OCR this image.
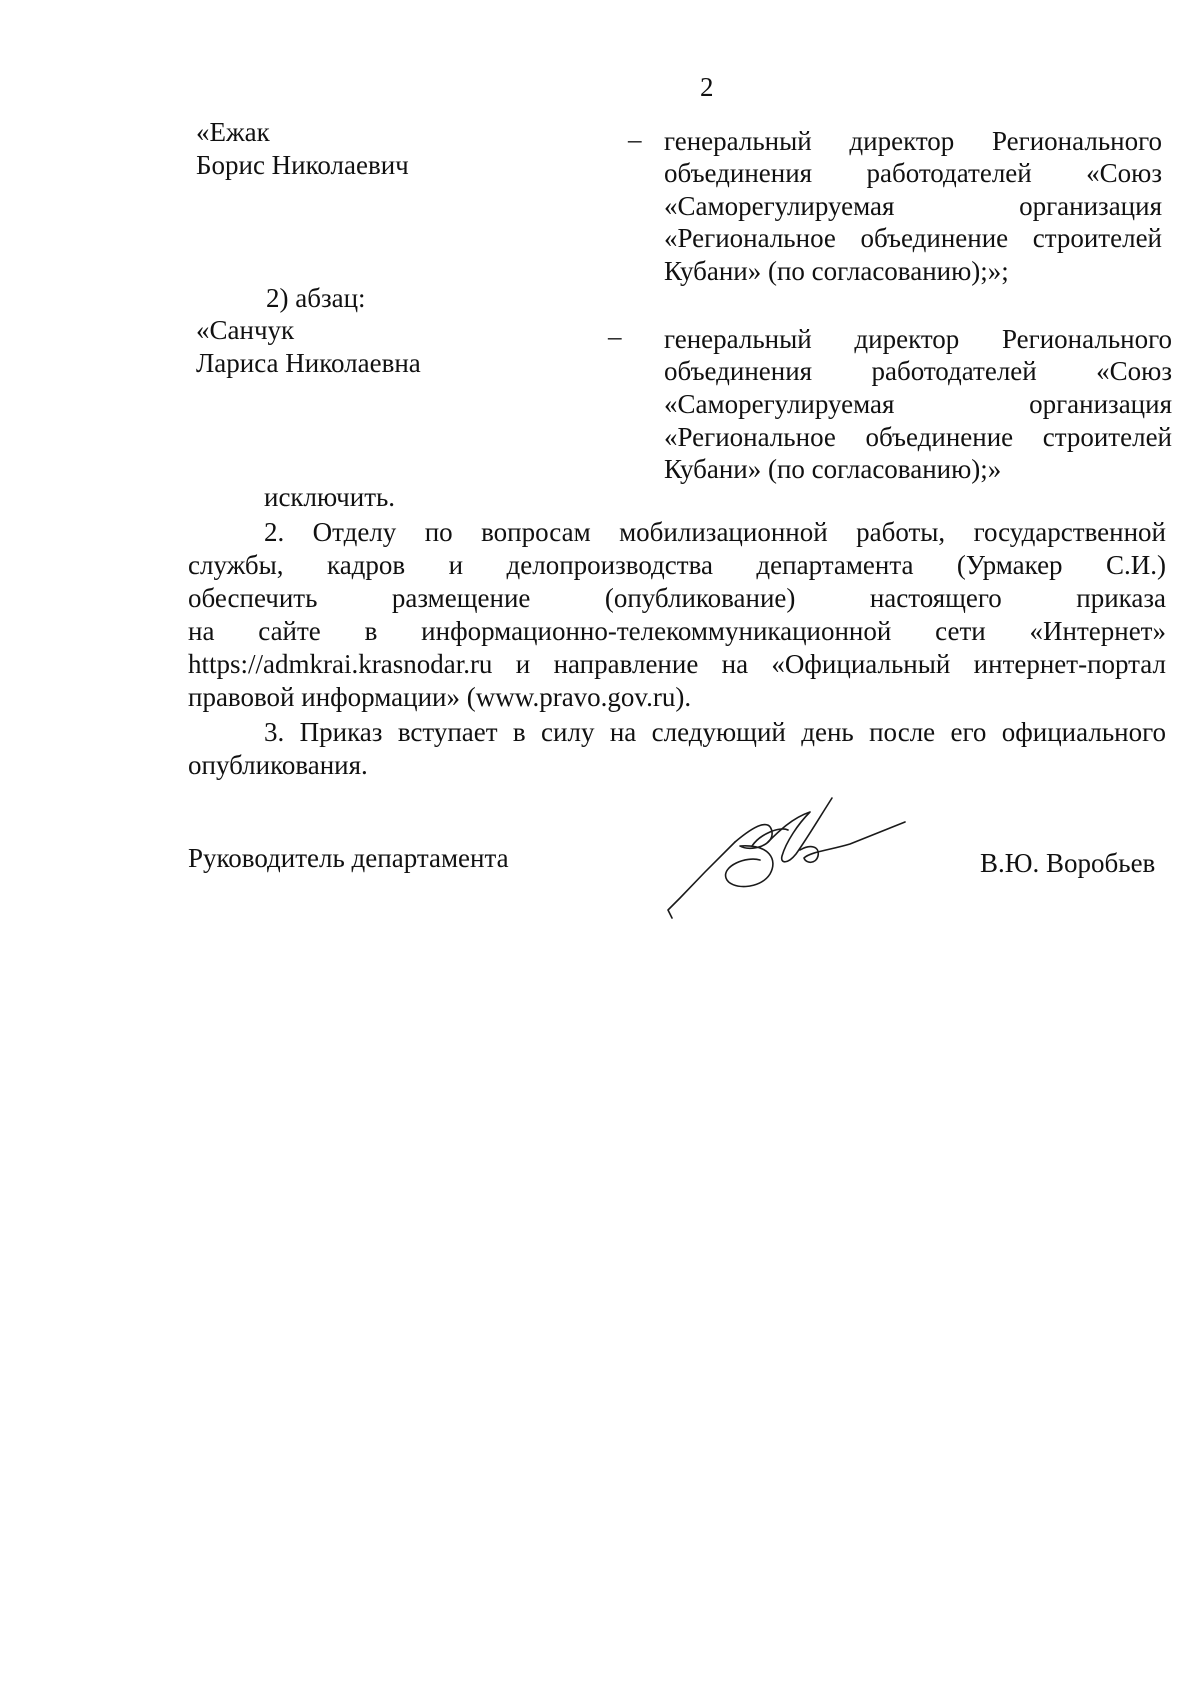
2
«Ежак
Борис Николаевич
– генеральный директор Регионального
объединения работодателей «Союз
«Саморегулируемая организация
«Региональное объединение строителей
Кубани» (по согласованию);»;
2) абзац:
«Санчук
Лариса Николаевна
– генеральный директор Регионального
объединения работодателей «Союз
«Саморегулируемая организация
«Региональное объединение строителей
Кубани» (по согласованию);»
исключить.
2. Отделу по вопросам мобилизационной работы, государственной
службы, кадров и делопроизводства департамента (Урмакер С.И.)
обеспечить размещение (опубликование) настоящего приказа
на сайте в информационно-телекоммуникационной сети «Интернет»
https://admkrai.krasnodar.ru и направление на «Официальный интернет-портал
правовой информации» (www.pravo.gov.ru).
3. Приказ вступает в силу на следующий день после его официального
опубликования.
Руководитель департамента	В.Ю. Воробьев
